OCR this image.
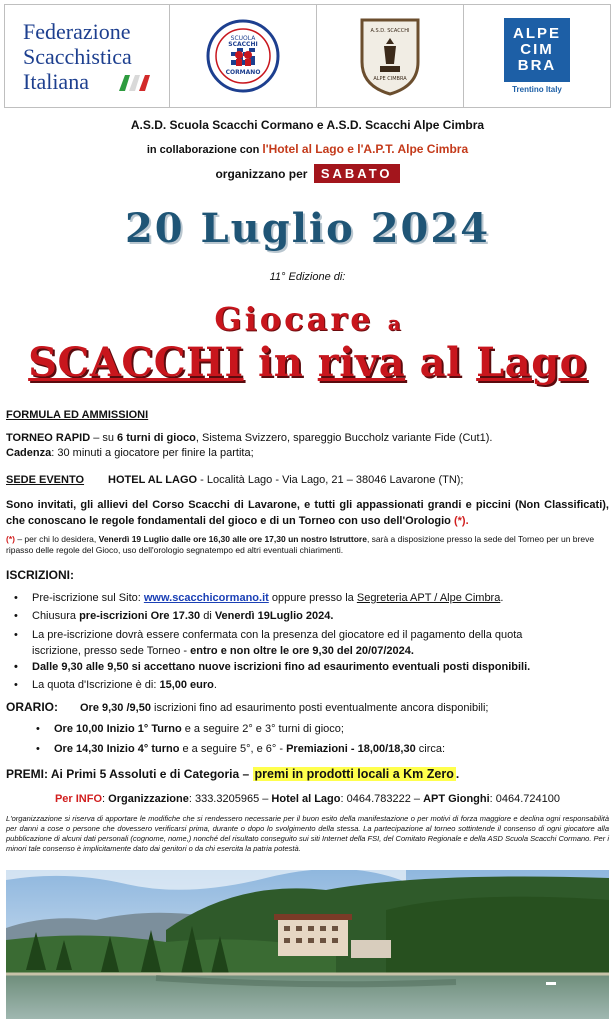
Federazione
Scacchistica
Italiana
SCUOLA
SCACCHI
CORMANO
A.S.D. SCACCHI
ALPE CIMBRA
ALPE
CIM
BRA
Trentino Italy
A.S.D. Scuola Scacchi Cormano e A.S.D. Scacchi Alpe Cimbra
in collaborazione con l'Hotel al Lago e l'A.P.T. Alpe Cimbra
organizzano per SABATO
20 Luglio 2024
11° Edizione di:
Giocare a
SCACCHI in riva al Lago
FORMULA ED AMMISSIONI
TORNEO RAPID – su 6 turni di gioco, Sistema Svizzero, spareggio Buccholz variante Fide (Cut1).
Cadenza: 30 minuti a giocatore per finire la partita;
SEDE EVENTO HOTEL AL LAGO - Località Lago - Via Lago, 21 – 38046 Lavarone (TN);
Sono invitati, gli allievi del Corso Scacchi di Lavarone, e tutti gli appassionati grandi e piccini (Non Classificati), che conoscano le regole fondamentali del gioco e di un Torneo con uso dell'Orologio (*).
(*) – per chi lo desidera, Venerdì 19 Luglio dalle ore 16,30 alle ore 17,30 un nostro Istruttore, sarà a disposizione presso la sede del Torneo per un breve ripasso delle regole del Gioco, uso dell'orologio segnatempo ed altri eventuali chiarimenti.
ISCRIZIONI:
• Pre-iscrizione sul Sito: www.scacchicormano.it oppure presso la Segreteria APT / Alpe Cimbra.
• Chiusura pre-iscrizioni Ore 17.30 di Venerdì 19Luglio 2024.
• La pre-iscrizione dovrà essere confermata con la presenza del giocatore ed il pagamento della quota
iscrizione, presso sede Torneo - entro e non oltre le ore 9,30 del 20/07/2024.
• Dalle 9,30 alle 9,50 si accettano nuove iscrizioni fino ad esaurimento eventuali posti disponibili.
• La quota d'Iscrizione è di: 15,00 euro.
ORARIO: Ore 9,30 /9,50 iscrizioni fino ad esaurimento posti eventualmente ancora disponibili;
• Ore 10,00 Inizio 1° Turno e a seguire 2° e 3° turni di gioco;
• Ore 14,30 Inizio 4° turno e a seguire 5°, e 6° - Premiazioni - 18,00/18,30 circa:
PREMI: Ai Primi 5 Assoluti e di Categoria – premi in prodotti locali a Km Zero .
Per INFO: Organizzazione: 333.3205965 – Hotel al Lago: 0464.783222 – APT Gionghi: 0464.724100
L'organizzazione si riserva di apportare le modifiche che si rendessero necessarie per il buon esito della manifestazione o per motivi di forza maggiore e declina ogni responsabilità per danni a cose o persone che dovessero verificarsi prima, durante o dopo lo svolgimento della stessa. La partecipazione al torneo sottintende il consenso di ogni giocatore alla pubblicazione di alcuni dati personali (cognome, nome,) nonché del risultato conseguito sui siti Internet della FSI, del Comitato Regionale e della ASD Scuola Scacchi Cormano. Per i minori tale consenso è implicitamente dato dai genitori o da chi esercita la patria potestà.
